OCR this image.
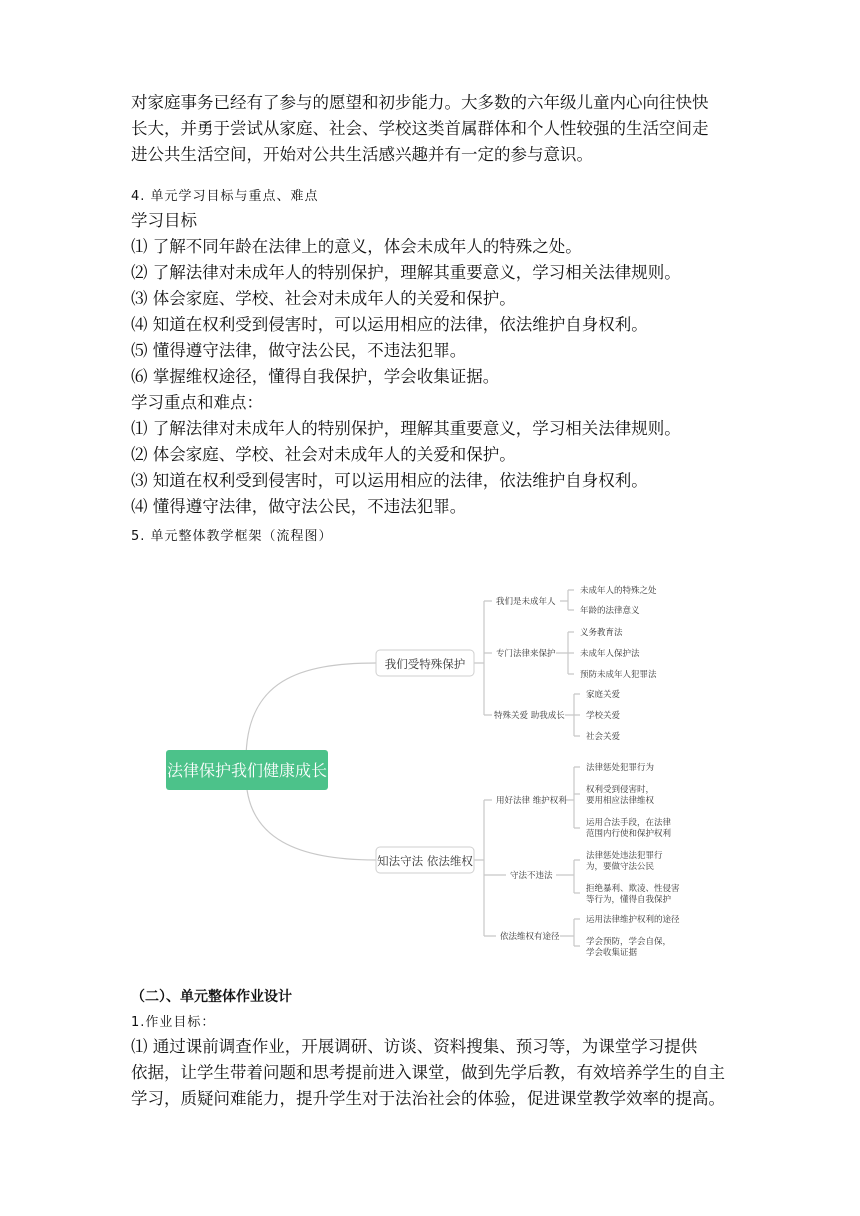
对家庭事务已经有了参与的愿望和初步能力。大多数的六年级儿童内心向往快快
长大，并勇于尝试从家庭、社会、学校这类首属群体和个人性较强的生活空间走
进公共生活空间，开始对公共生活感兴趣并有一定的参与意识。
4. 单元学习目标与重点、难点
学习目标
⑴ 了解不同年龄在法律上的意义，体会未成年人的特殊之处。
⑵ 了解法律对未成年人的特别保护，理解其重要意义，学习相关法律规则。
⑶ 体会家庭、学校、社会对未成年人的关爱和保护。
⑷ 知道在权利受到侵害时，可以运用相应的法律，依法维护自身权利。
⑸ 懂得遵守法律，做守法公民，不违法犯罪。
⑹ 掌握维权途径，懂得自我保护，学会收集证据。
学习重点和难点：
⑴ 了解法律对未成年人的特别保护，理解其重要意义，学习相关法律规则。
⑵ 体会家庭、学校、社会对未成年人的关爱和保护。
⑶ 知道在权利受到侵害时，可以运用相应的法律，依法维护自身权利。
⑷ 懂得遵守法律，做守法公民，不违法犯罪。
5. 单元整体教学框架（流程图）
法律保护我们健康成长
我们受特殊保护
知法守法 依法维权
我们是未成年人
专门法律来保护
特殊关爱 助我成长
未成年人的特殊之处
年龄的法律意义
义务教育法
未成年人保护法
预防未成年人犯罪法
家庭关爱
学校关爱
社会关爱
用好法律 维护权利
守法不违法
依法维权有途径
法律惩处犯罪行为
权利受到侵害时，
要用相应法律维权
运用合法手段，在法律
范围内行使和保护权利
法律惩处违法犯罪行
为，要做守法公民
拒绝暴利、欺凌、性侵害
等行为，懂得自我保护
运用法律维护权利的途径
学会预防，学会自保，
学会收集证据
（二）、单元整体作业设计
1.作业目标：
⑴ 通过课前调查作业，开展调研、访谈、资料搜集、预习等，为课堂学习提供
依据，让学生带着问题和思考提前进入课堂，做到先学后教，有效培养学生的自主
学习，质疑问难能力，提升学生对于法治社会的体验，促进课堂教学效率的提高。
